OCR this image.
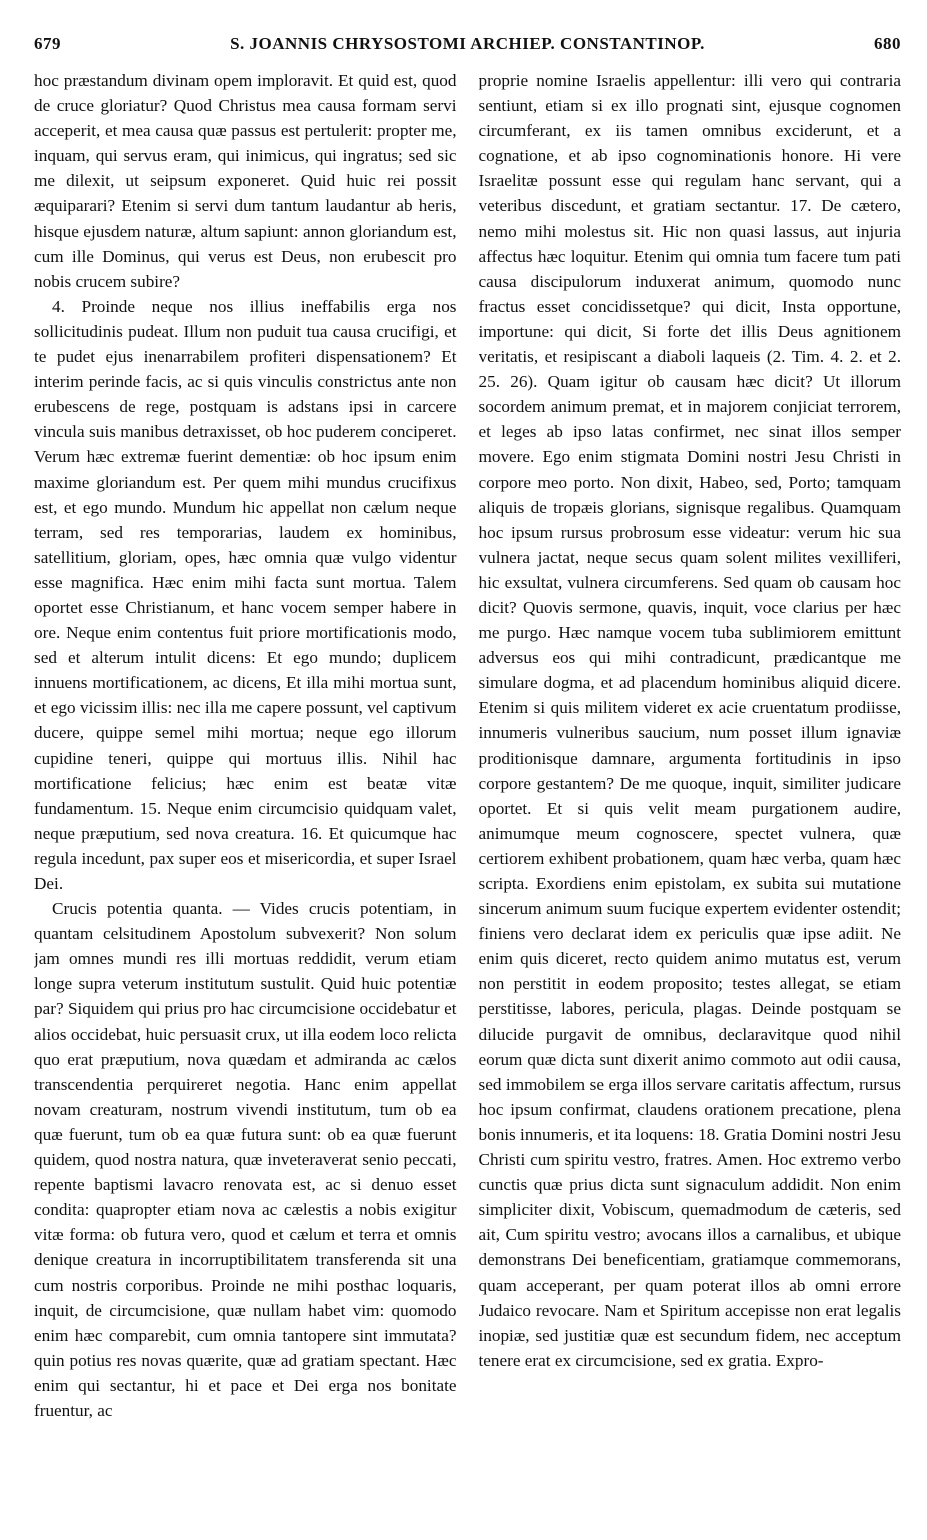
679	S. JOANNIS CHRYSOSTOMI ARCHIEP. CONSTANTINOP.	680

hoc præstandum divinam opem imploravit. Et quid est, quod de cruce gloriatur? Quod Christus mea causa formam servi acceperit, et mea causa quæ passus est pertulerit: propter me, inquam, qui servus eram, qui inimicus, qui ingratus; sed sic me dilexit, ut seipsum exponeret. Quid huic rei possit æquiparari? Etenim si servi dum tantum laudantur ab heris, hisque ejusdem naturæ, altum sapiunt: annon gloriandum est, cum ille Dominus, qui verus est Deus, non erubescit pro nobis crucem subire?

4. Proinde neque nos illius ineffabilis erga nos sollicitudinis pudeat. Illum non puduit tua causa crucifigi, et te pudet ejus inenarrabilem profiteri dispensationem? Et interim perinde facis, ac si quis vinculis constrictus ante non erubescens de rege, postquam is adstans ipsi in carcere vincula suis manibus detraxisset, ob hoc puderem conciperet. Verum hæc extremæ fuerint dementiæ: ob hoc ipsum enim maxime gloriandum est. Per quem mihi mundus crucifixus est, et ego mundo. Mundum hic appellat non cælum neque terram, sed res temporarias, laudem ex hominibus, satellitium, gloriam, opes, hæc omnia quæ vulgo videntur esse magnifica. Hæc enim mihi facta sunt mortua. Talem oportet esse Christianum, et hanc vocem semper habere in ore. Neque enim contentus fuit priore mortificationis modo, sed et alterum intulit dicens: Et ego mundo; duplicem innuens mortificationem, ac dicens, Et illa mihi mortua sunt, et ego vicissim illis: nec illa me capere possunt, vel captivum ducere, quippe semel mihi mortua; neque ego illorum cupidine teneri, quippe qui mortuus illis. Nihil hac mortificatione felicius; hæc enim est beatæ vitæ fundamentum. 15. Neque enim circumcisio quidquam valet, neque præputium, sed nova creatura. 16. Et quicumque hac regula incedunt, pax super eos et misericordia, et super Israel Dei.

Crucis potentia quanta. — Vides crucis potentiam, in quantam celsitudinem Apostolum subvexerit? Non solum jam omnes mundi res illi mortuas reddidit, verum etiam longe supra veterum institutum sustulit. Quid huic potentiæ par? Siquidem qui prius pro hac circumcisione occidebatur et alios occidebat, huic persuasit crux, ut illa eodem loco relicta quo erat præputium, nova quædam et admiranda ac cælos transcendentia perquireret negotia. Hanc enim appellat novam creaturam, nostrum vivendi institutum, tum ob ea quæ fuerunt, tum ob ea quæ futura sunt: ob ea quæ fuerunt quidem, quod nostra natura, quæ inveteraverat senio peccati, repente baptismi lavacro renovata est, ac si denuo esset condita: quapropter etiam nova ac cælestis a nobis exigitur vitæ forma: ob futura vero, quod et cælum et terra et omnis denique creatura in incorruptibilitatem transferenda sit una cum nostris corporibus. Proinde ne mihi posthac loquaris, inquit, de circumcisione, quæ nullam habet vim: quomodo enim hæc comparebit, cum omnia tantopere sint immutata? quin potius res novas quærite, quæ ad gratiam spectant. Hæc enim qui sectantur, hi et pace et Dei erga nos bonitate fruentur, ac

proprie nomine Israelis appellentur: illi vero qui contraria sentiunt, etiam si ex illo prognati sint, ejusque cognomen circumferant, ex iis tamen omnibus exciderunt, et a cognatione, et ab ipso cognominationis honore. Hi vere Israelitæ possunt esse qui regulam hanc servant, qui a veteribus discedunt, et gratiam sectantur. 17. De cætero, nemo mihi molestus sit. Hic non quasi lassus, aut injuria affectus hæc loquitur. Etenim qui omnia tum facere tum pati causa discipulorum induxerat animum, quomodo nunc fractus esset concidissetque? qui dicit, Insta opportune, importune: qui dicit, Si forte det illis Deus agnitionem veritatis, et resipiscant a diaboli laqueis (2. Tim. 4. 2. et 2. 25. 26). Quam igitur ob causam hæc dicit? Ut illorum socordem animum premat, et in majorem conjiciat terrorem, et leges ab ipso latas confirmet, nec sinat illos semper movere. Ego enim stigmata Domini nostri Jesu Christi in corpore meo porto. Non dixit, Habeo, sed, Porto; tamquam aliquis de tropæis glorians, signisque regalibus. Quamquam hoc ipsum rursus probrosum esse videatur: verum hic sua vulnera jactat, neque secus quam solent milites vexilliferi, hic exsultat, vulnera circumferens. Sed quam ob causam hoc dicit? Quovis sermone, quavis, inquit, voce clarius per hæc me purgo. Hæc namque vocem tuba sublimiorem emittunt adversus eos qui mihi contradicunt, prædicantque me simulare dogma, et ad placendum hominibus aliquid dicere. Etenim si quis militem videret ex acie cruentatum prodiisse, innumeris vulneribus saucium, num posset illum ignaviæ proditionisque damnare, argumenta fortitudinis in ipso corpore gestantem? De me quoque, inquit, similiter judicare oportet. Et si quis velit meam purgationem audire, animumque meum cognoscere, spectet vulnera, quæ certiorem exhibent probationem, quam hæc verba, quam hæc scripta. Exordiens enim epistolam, ex subita sui mutatione sincerum animum suum fucique expertem evidenter ostendit; finiens vero declarat idem ex periculis quæ ipse adiit. Ne enim quis diceret, recto quidem animo mutatus est, verum non perstitit in eodem proposito; testes allegat, se etiam perstitisse, labores, pericula, plagas. Deinde postquam se dilucide purgavit de omnibus, declaravitque quod nihil eorum quæ dicta sunt dixerit animo commoto aut odii causa, sed immobilem se erga illos servare caritatis affectum, rursus hoc ipsum confirmat, claudens orationem precatione, plena bonis innumeris, et ita loquens: 18. Gratia Domini nostri Jesu Christi cum spiritu vestro, fratres. Amen. Hoc extremo verbo cunctis quæ prius dicta sunt signaculum addidit. Non enim simpliciter dixit, Vobiscum, quemadmodum de cæteris, sed ait, Cum spiritu vestro; avocans illos a carnalibus, et ubique demonstrans Dei beneficentiam, gratiamque commemorans, quam acceperant, per quam poterat illos ab omni errore Judaico revocare. Nam et Spiritum accepisse non erat legalis inopiæ, sed justitiæ quæ est secundum fidem, nec acceptum tenere erat ex circumcisione, sed ex gratia. Expro-
